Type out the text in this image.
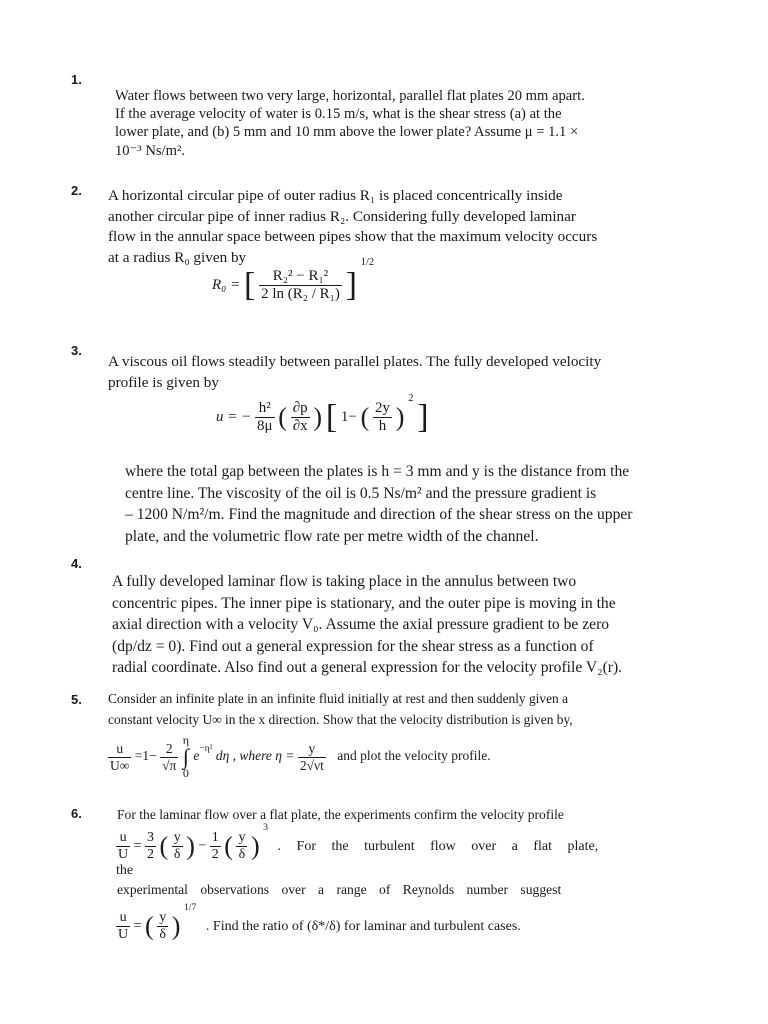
1.
Water flows between two very large, horizontal, parallel flat plates 20 mm apart.
If the average velocity of water is 0.15 m/s, what is the shear stress (a) at the
lower plate, and (b) 5 mm and 10 mm above the lower plate? Assume μ = 1.1 ×
10⁻³ Ns/m².
2. A horizontal circular pipe of outer radius R₁ is placed concentrically inside
another circular pipe of inner radius R₂. Considering fully developed laminar
flow in the annular space between pipes show that the maximum velocity occurs
at a radius R₀ given by
R₀ = [ $\frac{\text{R₂² − R₁²}}{\text{2 ln (R₂ / R₁)}}$ ] $^{1/2}$
3.
A viscous oil flows steadily between parallel plates. The fully developed velocity
profile is given by
u = − $\frac{\text{h²}}{8\mu}$ ( $\frac{\partial p}{\partial x}$ ) [ 1− ( $\frac{2y}{h}$ ) $^2$ ]
where the total gap between the plates is h = 3 mm and y is the distance from the
centre line. The viscosity of the oil is 0.5 Ns/m² and the pressure gradient is
– 1200 N/m²/m. Find the magnitude and direction of the shear stress on the upper
plate, and the volumetric flow rate per metre width of the channel.
4.
A fully developed laminar flow is taking place in the annulus between two
concentric pipes. The inner pipe is stationary, and the outer pipe is moving in the
axial direction with a velocity V₀. Assume the axial pressure gradient to be zero
(dp/dz = 0). Find out a general expression for the shear stress as a function of
radial coordinate. Also find out a general expression for the velocity profile V₂(r).
5. Consider an infinite plate in an infinite fluid initially at rest and then suddenly given a
constant velocity U∞ in the x direction. Show that the velocity distribution is given by,
$\frac{u}{U\infty} =1- \frac{2}{√\pi}$

η
∫
0
$e^{-\eta^2}$ dη , where $\eta = \frac{y}{2√\nu t}$ and plot the velocity profile.
6.	For the laminar flow over a flat plate, the experiments confirm the velocity profile
$\frac{u}{U} = \frac{3}{2}$ ( $\frac{y}{\delta}$ ) − $\frac{1}{2}$ ( $\frac{y}{\delta}$ ) $^3$ . For the turbulent flow over a flat plate, the
experimental observations over a range of Reynolds number suggest
$\frac{u}{U}$ = ( $\frac{y}{\delta}$ ) $^{1/7}$ . Find the ratio of (δ*/δ) for laminar and turbulent cases.
